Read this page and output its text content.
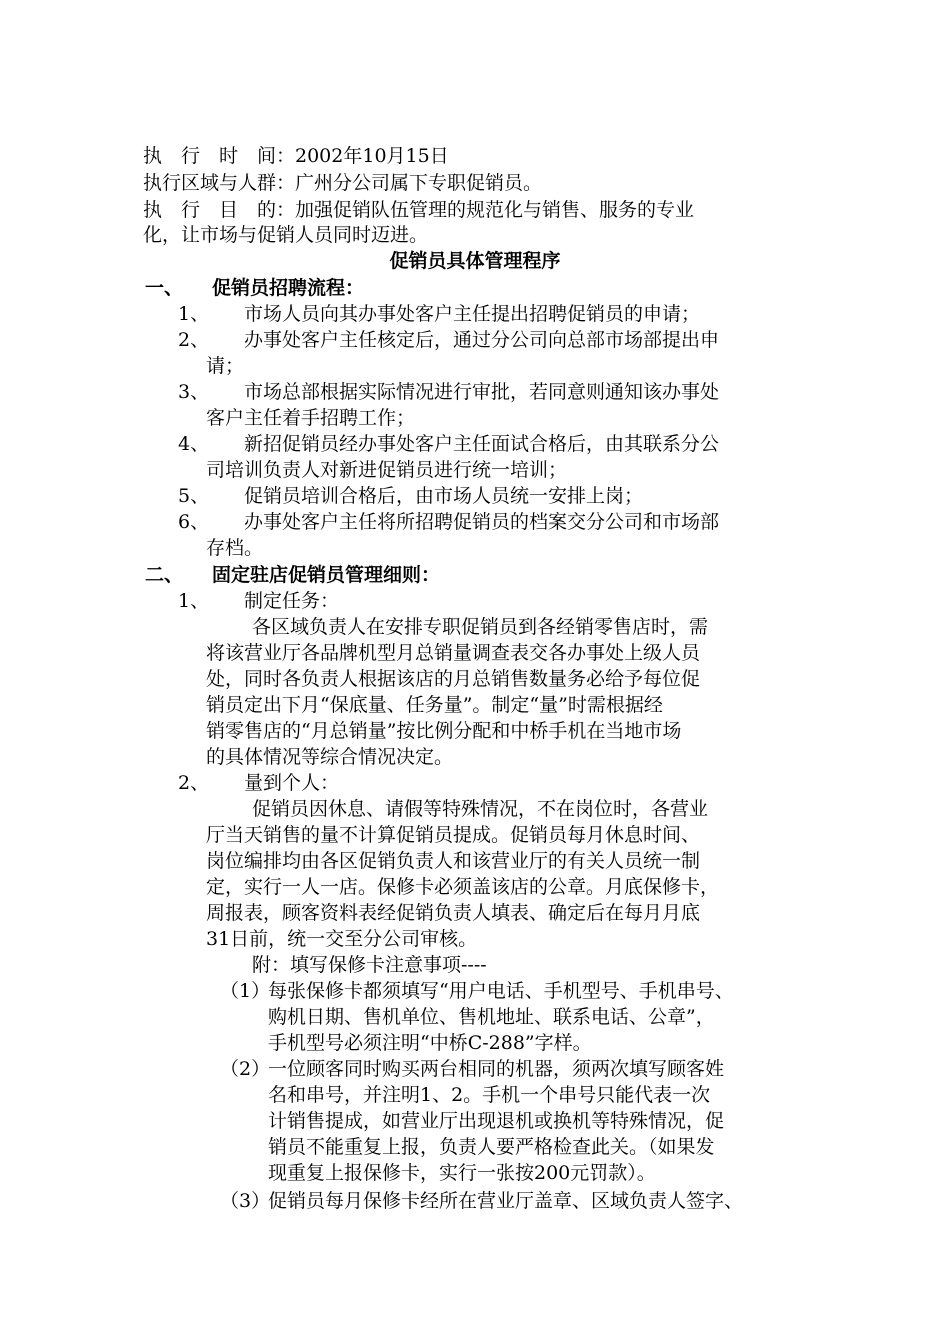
执　行　时　间：2002年10月15日
执行区域与人群：广州分公司属下专职促销员。
执　行　目　的：加强促销队伍管理的规范化与销售、服务的专业
化，让市场与促销人员同时迈进。
促销员具体管理程序
一、 促销员招聘流程：
1、 市场人员向其办事处客户主任提出招聘促销员的申请；
2、 办事处客户主任核定后，通过分公司向总部市场部提出申
请；
3、 市场总部根据实际情况进行审批，若同意则通知该办事处
客户主任着手招聘工作；
4、 新招促销员经办事处客户主任面试合格后，由其联系分公
司培训负责人对新进促销员进行统一培训；
5、 促销员培训合格后，由市场人员统一安排上岗；
6、 办事处客户主任将所招聘促销员的档案交分公司和市场部
存档。
二、 固定驻店促销员管理细则：
1、 制定任务：
各区域负责人在安排专职促销员到各经销零售店时，需
将该营业厅各品牌机型月总销量调查表交各办事处上级人员
处，同时各负责人根据该店的月总销售数量务必给予每位促
销员定出下月“保底量、任务量”。制定“量”时需根据经
销零售店的“月总销量”按比例分配和中桥手机在当地市场
的具体情况等综合情况决定。
2、 量到个人：
促销员因休息、请假等特殊情况，不在岗位时，各营业
厅当天销售的量不计算促销员提成。促销员每月休息时间、
岗位编排均由各区促销负责人和该营业厅的有关人员统一制
定，实行一人一店。保修卡必须盖该店的公章。月底保修卡，
周报表，顾客资料表经促销负责人填表、确定后在每月月底
31日前，统一交至分公司审核。
附：填写保修卡注意事项----
（1）
每张保修卡都须填写“用户电话、手机型号、手机串号、
购机日期、售机单位、售机地址、联系电话、公章”，
手机型号必须注明“中桥C-288”字样。
（2）
一位顾客同时购买两台相同的机器，须两次填写顾客姓
名和串号，并注明1、2。手机一个串号只能代表一次
计销售提成，如营业厅出现退机或换机等特殊情况，促
销员不能重复上报，负责人要严格检查此关。（如果发
现重复上报保修卡，实行一张按200元罚款）。
（3）
促销员每月保修卡经所在营业厅盖章、区域负责人签字、
